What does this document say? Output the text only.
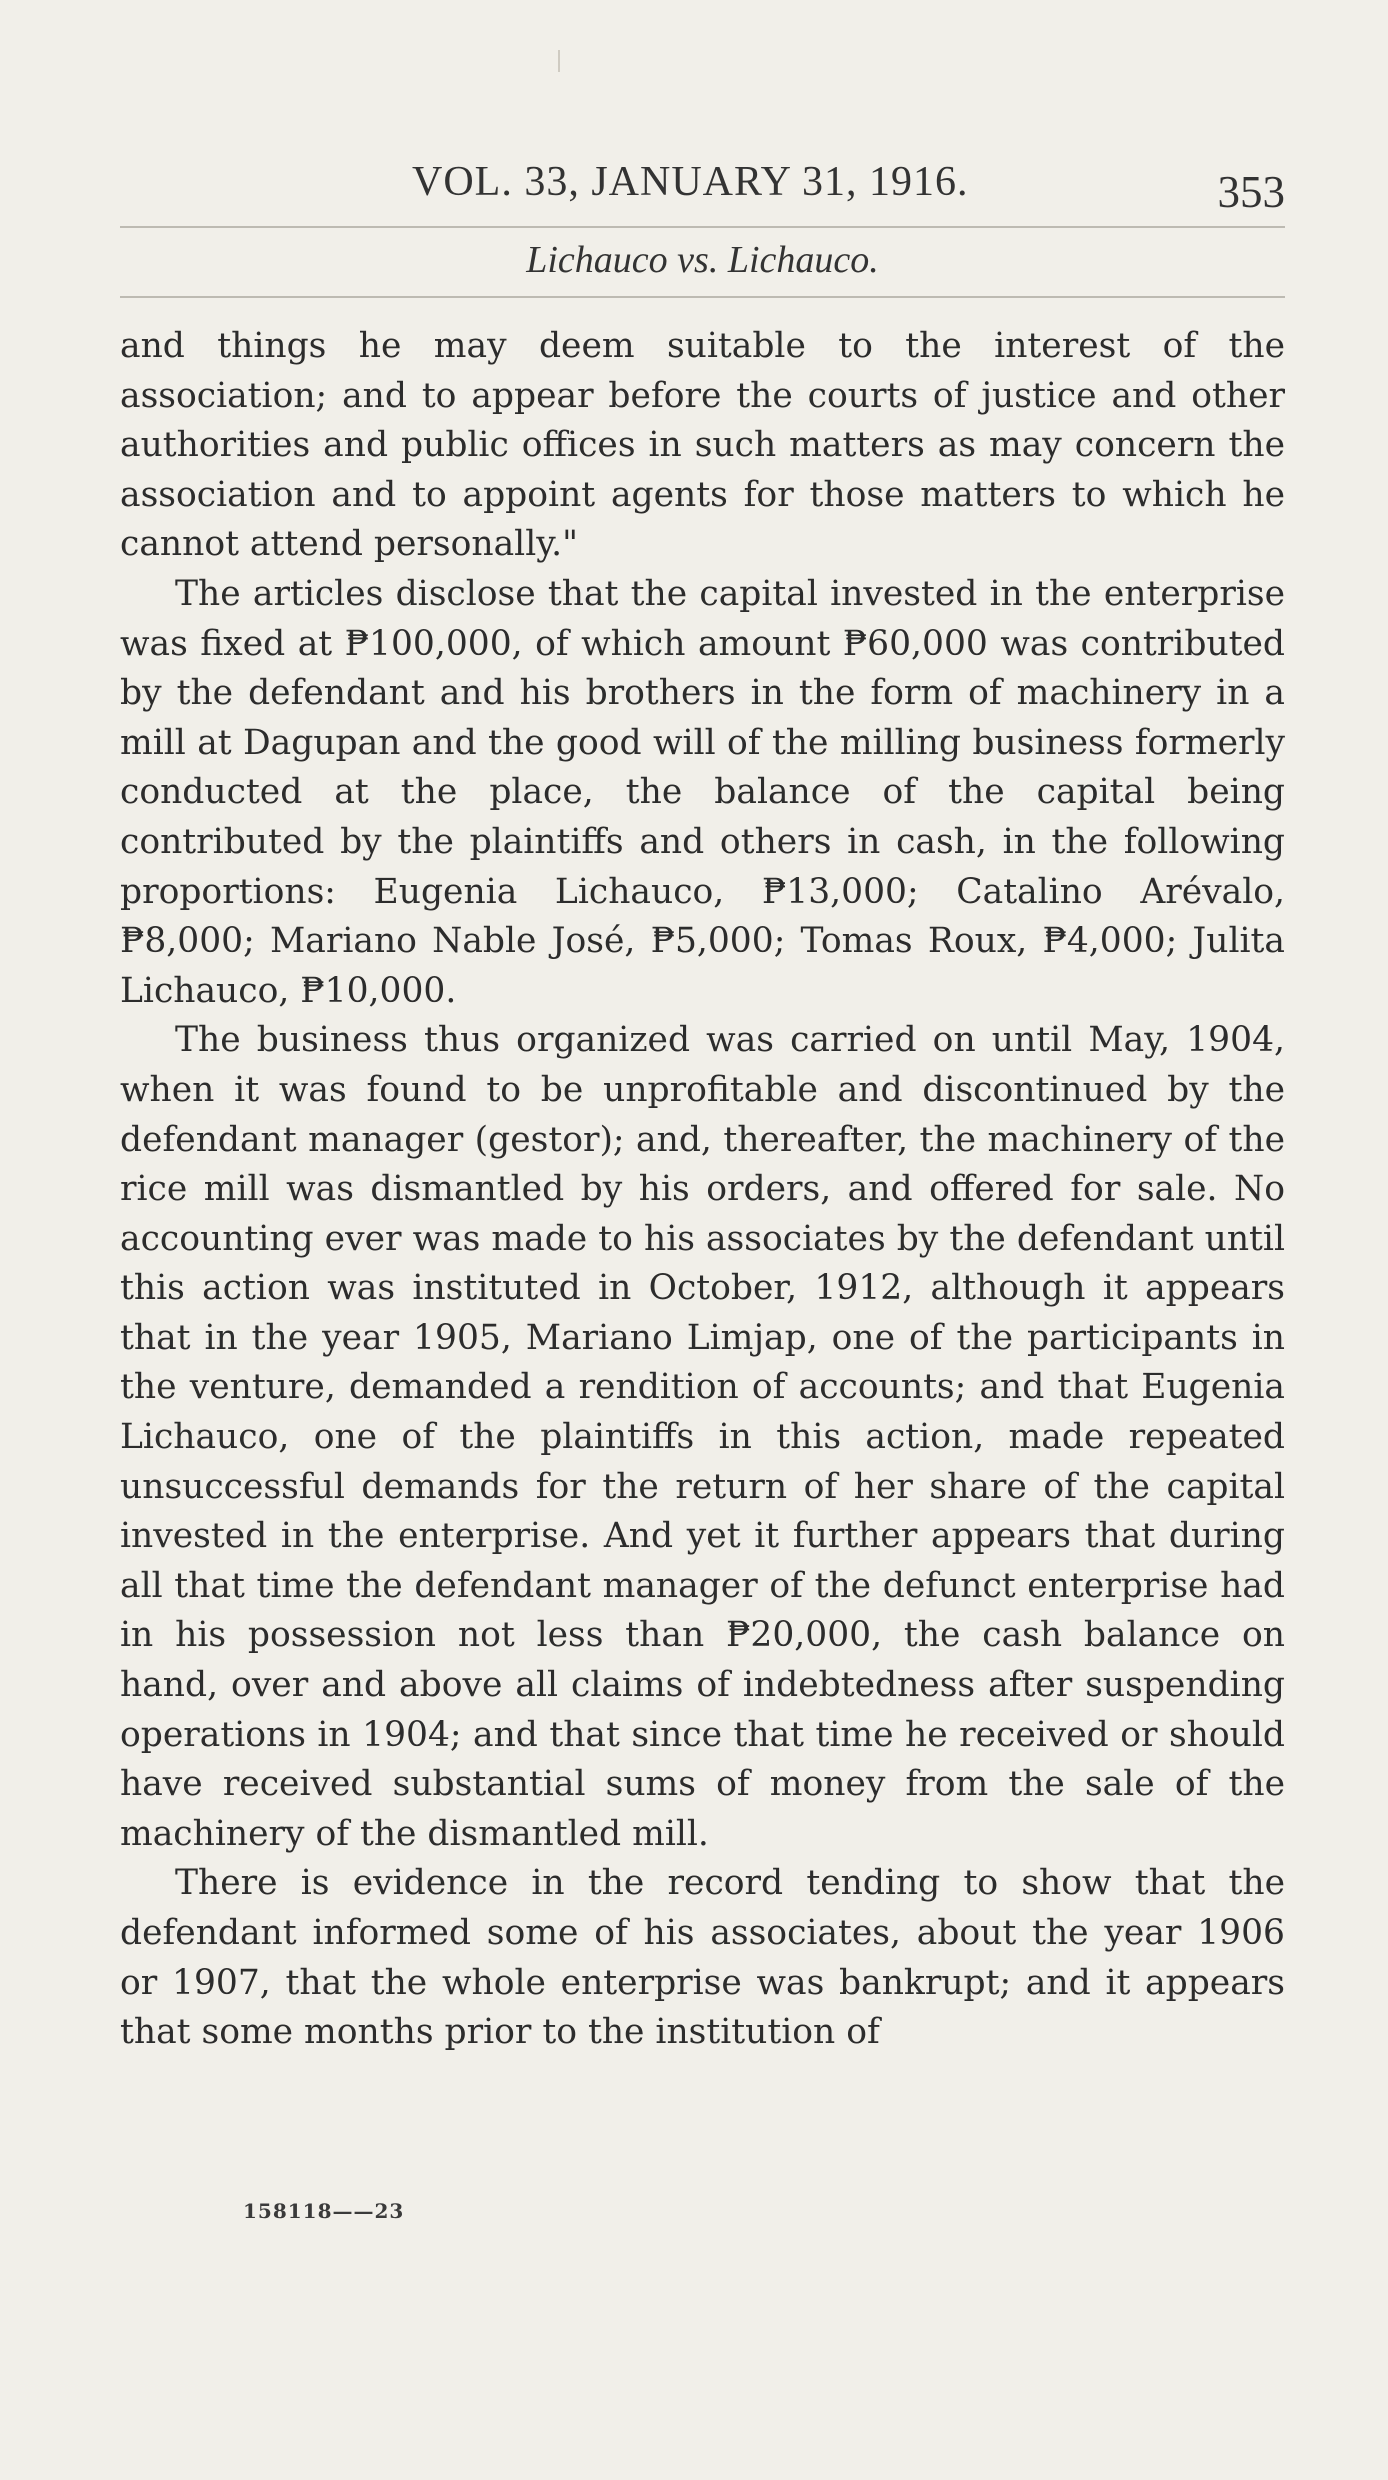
VOL. 33, JANUARY 31, 1916.	353
Lichauco vs. Lichauco.

and things he may deem suitable to the interest of the association; and to appear before the courts of justice and other authorities and public offices in such matters as may concern the association and to appoint agents for those matters to which he cannot attend personally."

The articles disclose that the capital invested in the enterprise was fixed at ₱100,000, of which amount ₱60,000 was contributed by the defendant and his brothers in the form of machinery in a mill at Dagupan and the good will of the milling business formerly conducted at the place, the balance of the capital being contributed by the plaintiffs and others in cash, in the following proportions: Eugenia Lichauco, ₱13,000; Catalino Arévalo, ₱8,000; Mariano Nable José, ₱5,000; Tomas Roux, ₱4,000; Julita Lichauco, ₱10,000.

The business thus organized was carried on until May, 1904, when it was found to be unprofitable and discontinued by the defendant manager (gestor); and, thereafter, the machinery of the rice mill was dismantled by his orders, and offered for sale. No accounting ever was made to his associates by the defendant until this action was instituted in October, 1912, although it appears that in the year 1905, Mariano Limjap, one of the participants in the venture, demanded a rendition of accounts; and that Eugenia Lichauco, one of the plaintiffs in this action, made repeated unsuccessful demands for the return of her share of the capital invested in the enterprise. And yet it further appears that during all that time the defendant manager of the defunct enterprise had in his possession not less than ₱20,000, the cash balance on hand, over and above all claims of indebtedness after suspending operations in 1904; and that since that time he received or should have received substantial sums of money from the sale of the machinery of the dismantled mill.

There is evidence in the record tending to show that the defendant informed some of his associates, about the year 1906 or 1907, that the whole enterprise was bankrupt; and it appears that some months prior to the institution of

158118——23
